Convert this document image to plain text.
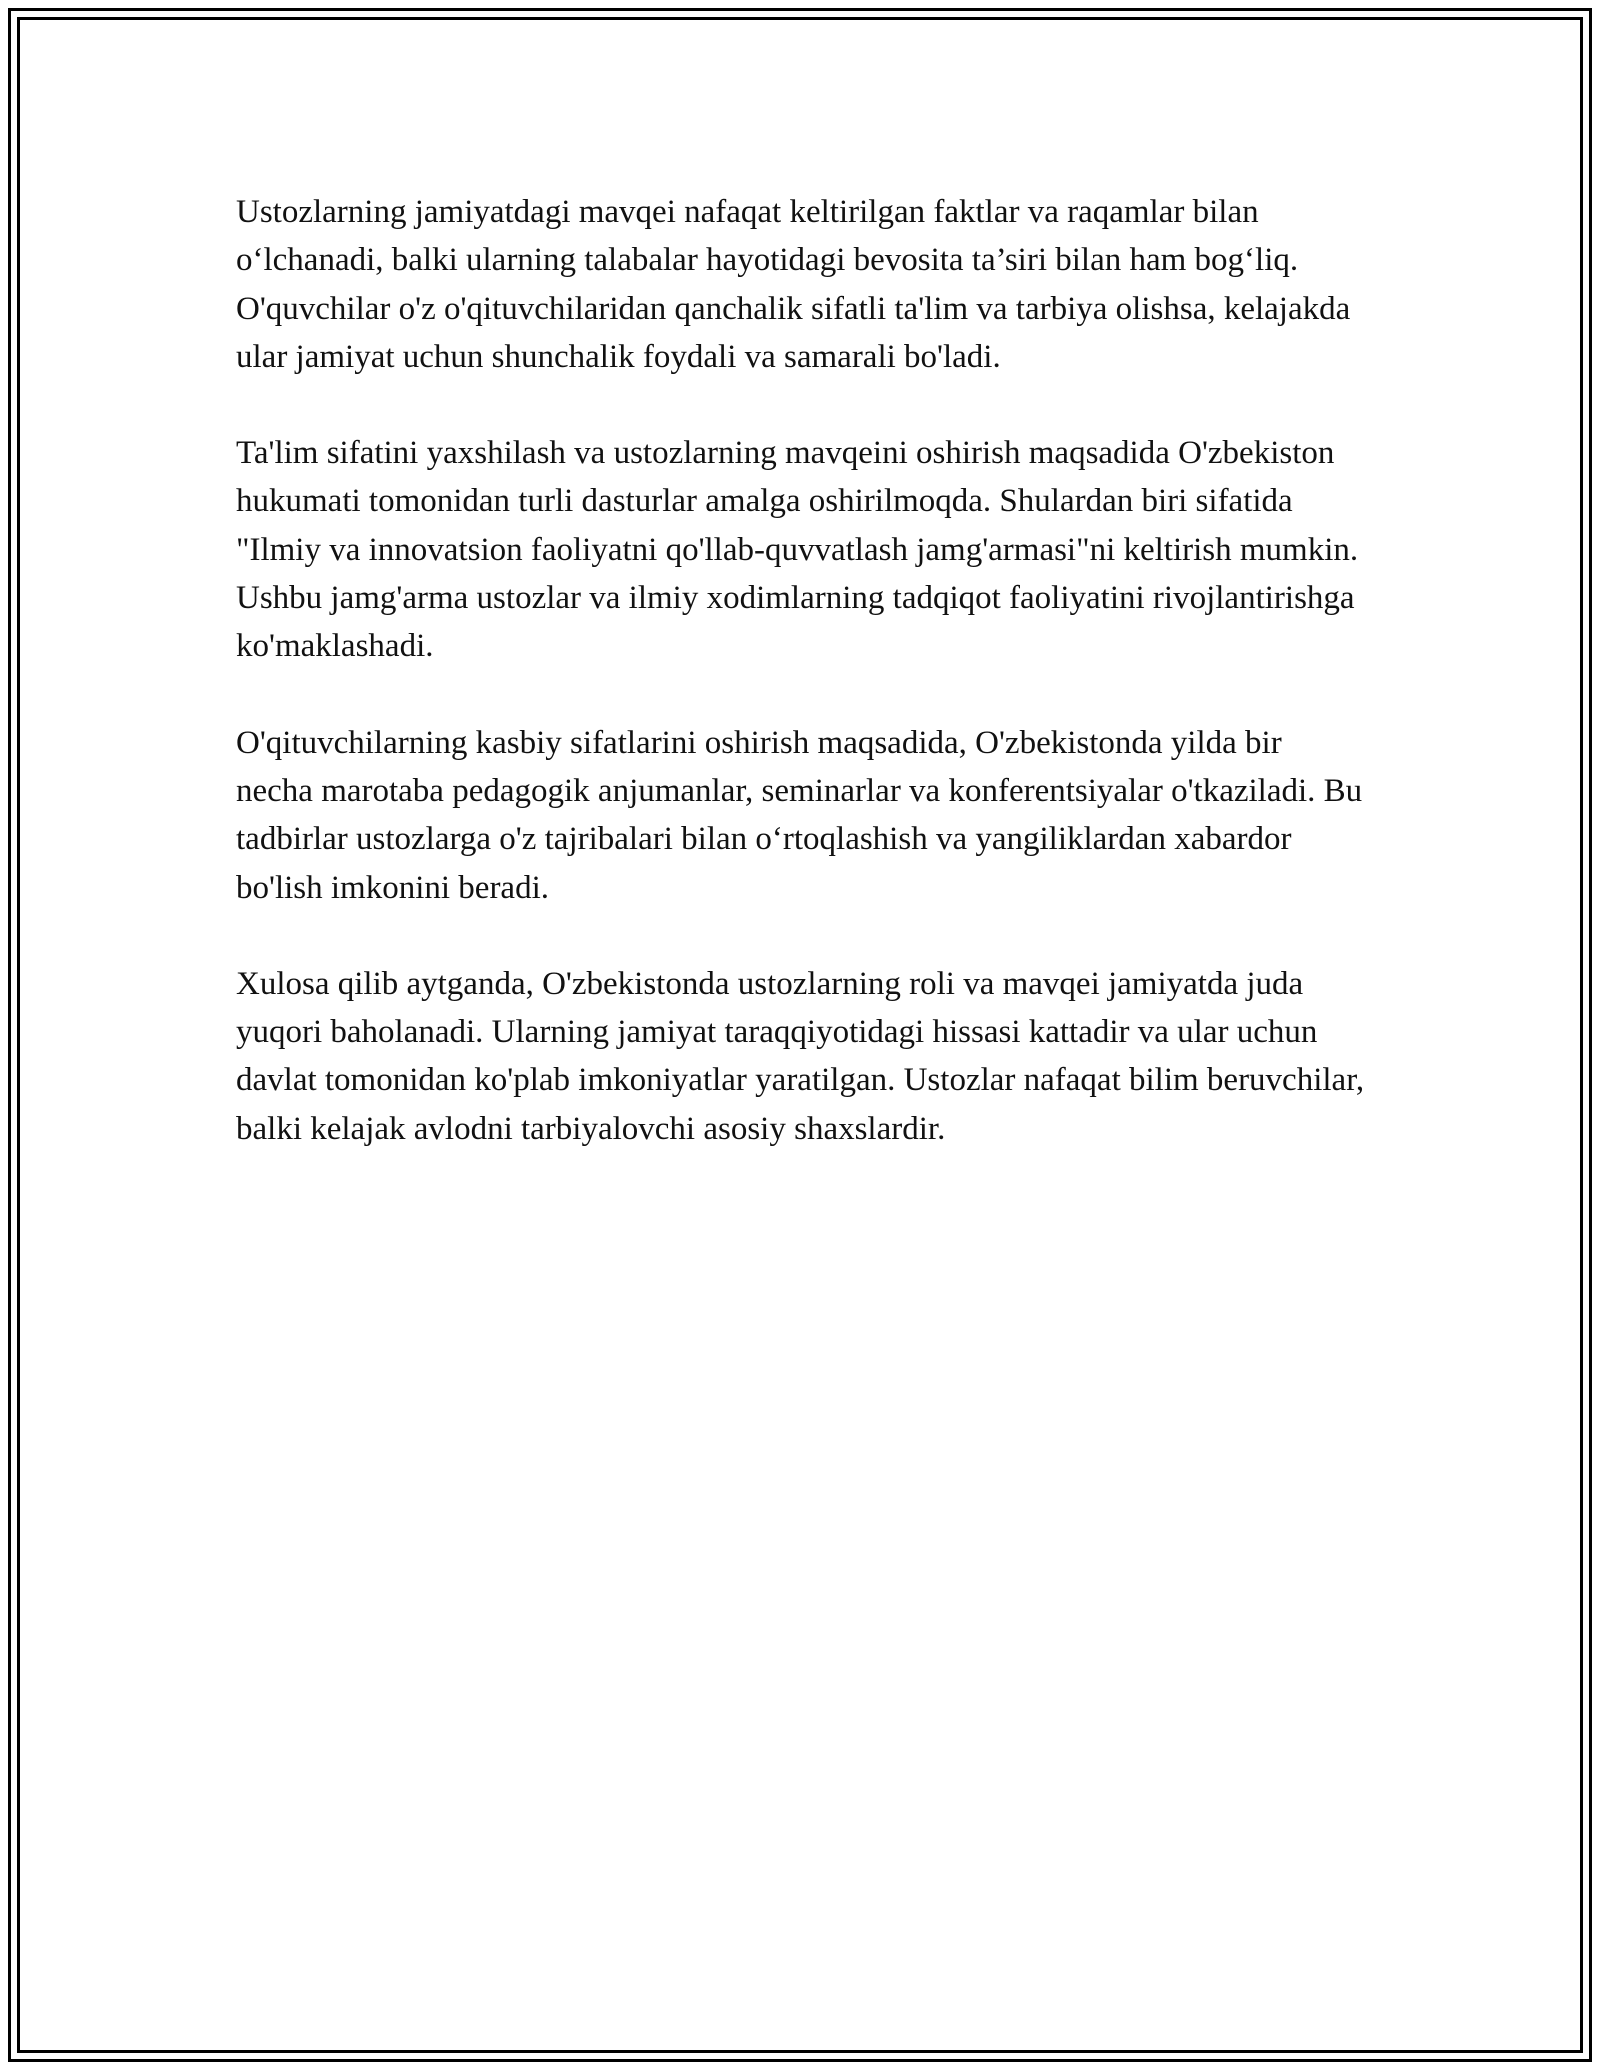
Ustozlarning jamiyatdagi mavqei nafaqat keltirilgan faktlar va raqamlar bilan o‘lchanadi, balki ularning talabalar hayotidagi bevosita ta’siri bilan ham bog‘liq. O'quvchilar o'z o'qituvchilaridan qanchalik sifatli ta'lim va tarbiya olishsa, kelajakda ular jamiyat uchun shunchalik foydali va samarali bo'ladi.

Ta'lim sifatini yaxshilash va ustozlarning mavqeini oshirish maqsadida O'zbekiston hukumati tomonidan turli dasturlar amalga oshirilmoqda. Shulardan biri sifatida "Ilmiy va innovatsion faoliyatni qo'llab-quvvatlash jamg'armasi"ni keltirish mumkin. Ushbu jamg'arma ustozlar va ilmiy xodimlarning tadqiqot faoliyatini rivojlantirishga ko'maklashadi.

O'qituvchilarning kasbiy sifatlarini oshirish maqsadida, O'zbekistonda yilda bir necha marotaba pedagogik anjumanlar, seminarlar va konferentsiyalar o'tkaziladi. Bu tadbirlar ustozlarga o'z tajribalari bilan o‘rtoqlashish va yangiliklardan xabardor bo'lish imkonini beradi.

Xulosa qilib aytganda, O'zbekistonda ustozlarning roli va mavqei jamiyatda juda yuqori baholanadi. Ularning jamiyat taraqqiyotidagi hissasi kattadir va ular uchun davlat tomonidan ko'plab imkoniyatlar yaratilgan. Ustozlar nafaqat bilim beruvchilar, balki kelajak avlodni tarbiyalovchi asosiy shaxslardir.
